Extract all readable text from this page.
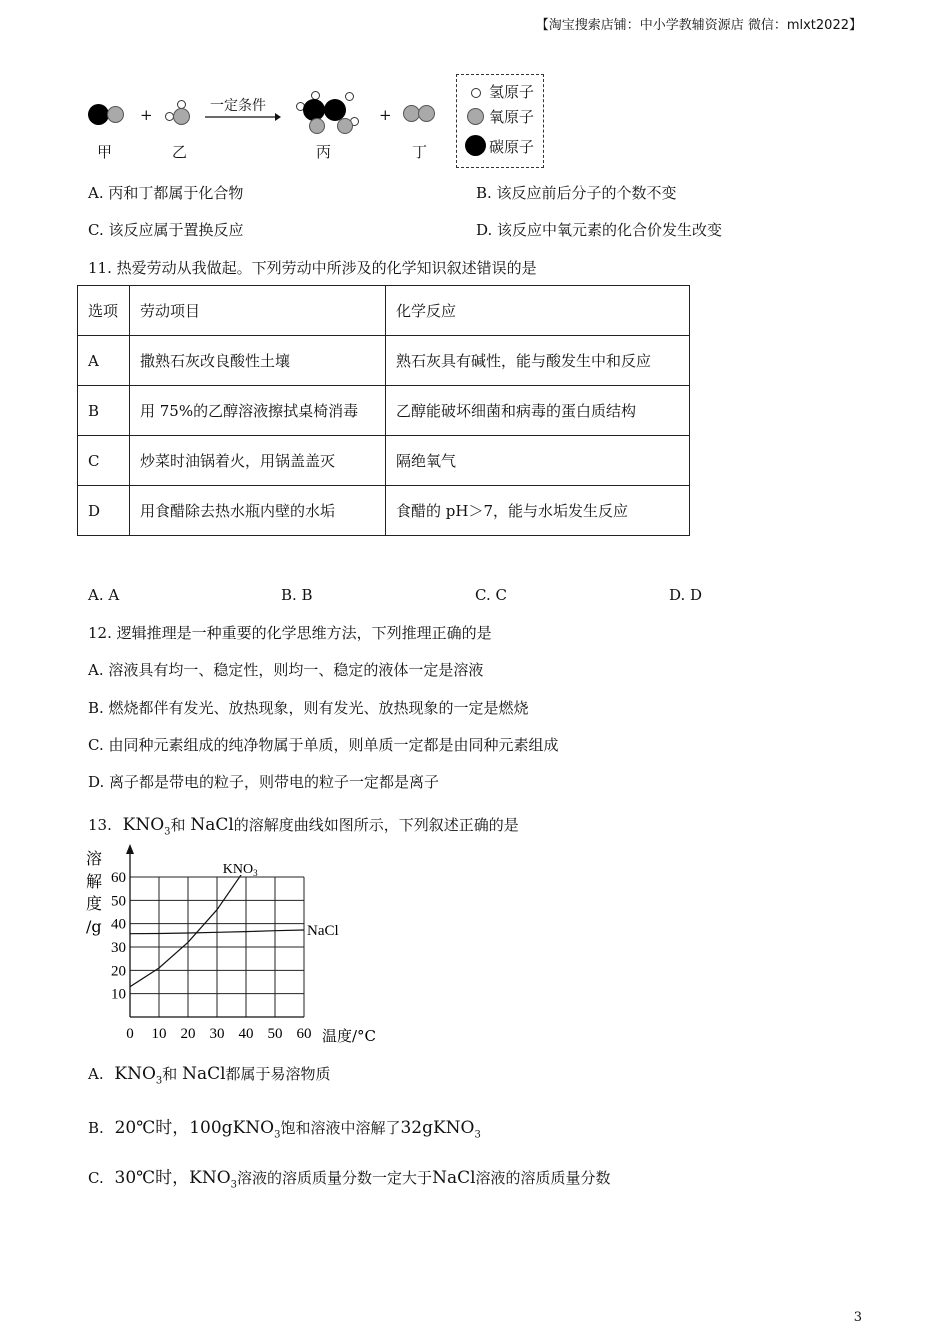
【淘宝搜索店铺：中小学教辅资源店 微信：mlxt2022】
甲
+
乙
一定条件
丙
+
丁
氢原子
氧原子
碳原子
A. 丙和丁都属于化合物	B. 该反应前后分子的个数不变
C. 该反应属于置换反应	D. 该反应中氧元素的化合价发生改变
11. 热爱劳动从我做起。下列劳动中所涉及的化学知识叙述错误的是
选项	劳动项目	化学反应
A	撒熟石灰改良酸性土壤	熟石灰具有碱性，能与酸发生中和反应
B	用 75%的乙醇溶液擦拭桌椅消毒	乙醇能破坏细菌和病毒的蛋白质结构
C	炒菜时油锅着火，用锅盖盖灭	隔绝氧气
D	用食醋除去热水瓶内壁的水垢	食醋的 pH＞7，能与水垢发生反应
A. A	B. B	C. C	D. D
12. 逻辑推理是一种重要的化学思维方法，下列推理正确的是
A. 溶液具有均一、稳定性，则均一、稳定的液体一定是溶液
B. 燃烧都伴有发光、放热现象，则有发光、放热现象的一定是燃烧
C. 由同种元素组成的纯净物属于单质，则单质一定都是由同种元素组成
D. 离子都是带电的粒子，则带电的粒子一定都是离子
13. $KNO_3$和 NaCl的溶解度曲线如图所示，下列叙述正确的是
0 10 20 30 40 50 60
10
20
30
40
50
60
溶
解
度
/g
温度/°C
$KNO_3$
NaCl
A. $KNO_3$和 NaCl都属于易溶物质
B. 20℃时，100gKNO$_3$饱和溶液中溶解了32gKNO$_3$
C. 30℃时，$KNO_3$溶液的溶质质量分数一定大于NaCl溶液的溶质质量分数
3
